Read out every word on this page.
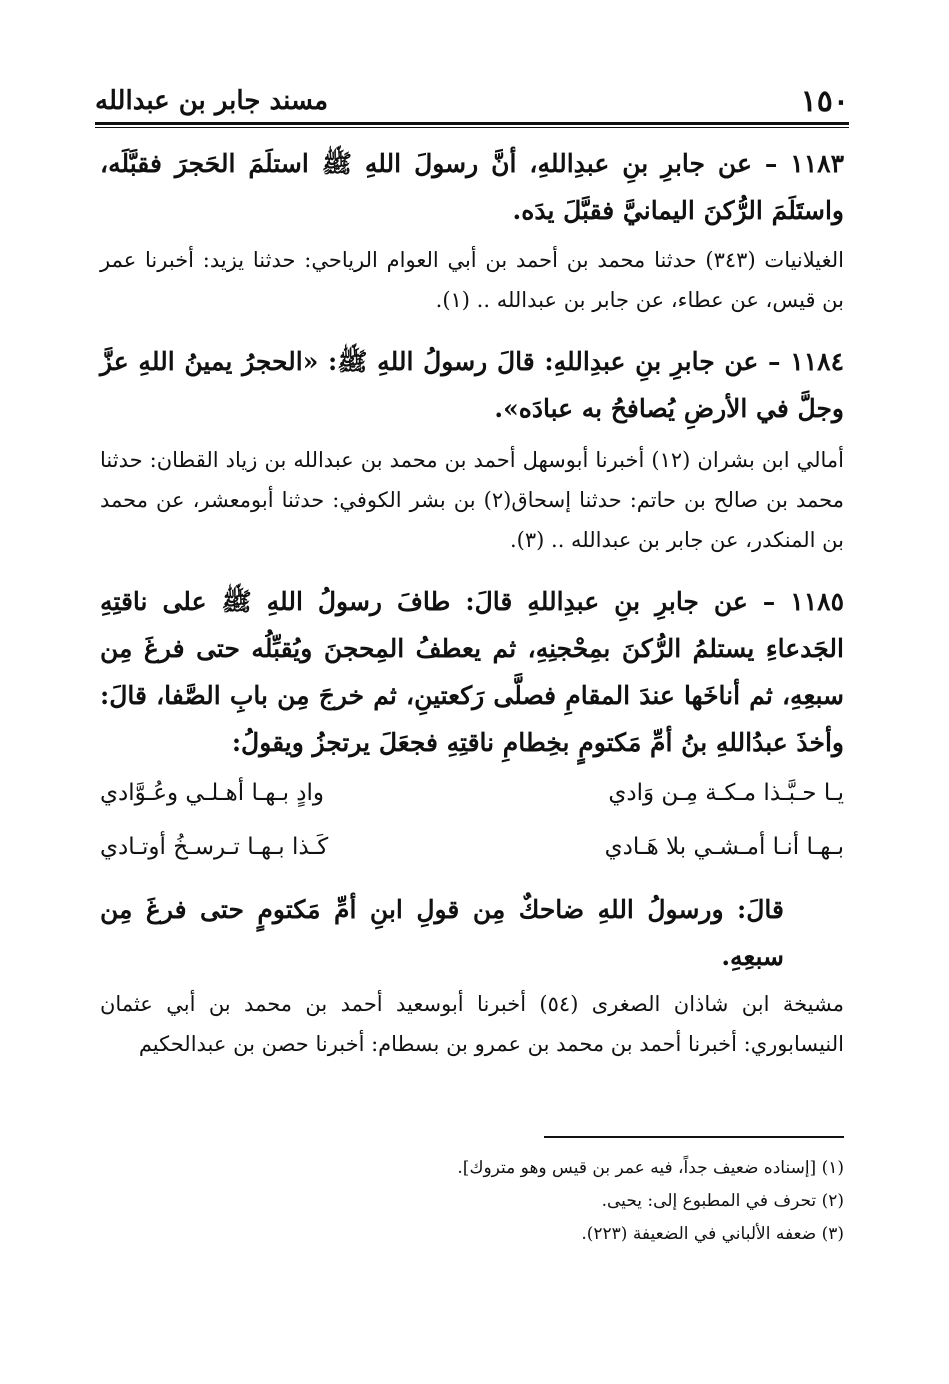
١٥٠
مسند جابر بن عبدالله

١١٨٣ – عن جابرِ بنِ عبدِاللهِ، أنَّ رسولَ اللهِ ﷺ استلَمَ الحَجرَ فقبَّلَه، واستَلَمَ الرُّكنَ اليمانيَّ فقبَّلَ يدَه.

الغيلانيات (٣٤٣) حدثنا محمد بن أحمد بن أبي العوام الرياحي: حدثنا يزيد: أخبرنا عمر بن قيس، عن عطاء، عن جابر بن عبدالله .. (١).

١١٨٤ – عن جابرِ بنِ عبدِاللهِ: قالَ رسولُ اللهِ ﷺ: «الحجرُ يمينُ اللهِ عزَّ وجلَّ في الأرضِ يُصافحُ به عبادَه».

أمالي ابن بشران (١٢) أخبرنا أبوسهل أحمد بن محمد بن عبدالله بن زياد القطان: حدثنا محمد بن صالح بن حاتم: حدثنا إسحاق(٢) بن بشر الكوفي: حدثنا أبومعشر، عن محمد بن المنكدر، عن جابر بن عبدالله .. (٣).

١١٨٥ – عن جابرِ بنِ عبدِاللهِ قالَ: طافَ رسولُ اللهِ ﷺ على ناقتِهِ الجَدعاءِ يستلمُ الرُّكنَ بمِحْجنِهِ، ثم يعطفُ المِحجنَ ويُقبِّلُه حتى فرغَ مِن سبعِهِ، ثم أناخَها عندَ المقامِ فصلَّى رَكعتينِ، ثم خرجَ مِن بابِ الصَّفا، قالَ: وأخذَ عبدُاللهِ بنُ أمِّ مَكتومٍ بخِطامِ ناقتِهِ فجعَلَ يرتجزُ ويقولُ:

يـا حـبَّـذا مـكـة مِـن وَادي	وادٍ بـهـا أهـلـي وعُـوَّادي
بـهـا أنـا أمـشـي بلا هَـادي	كَـذا بـهـا تـرسـخُ أوتـادي

قالَ: ورسولُ اللهِ ضاحكٌ مِن قولِ ابنِ أمِّ مَكتومٍ حتى فرغَ مِن سبعِهِ.

مشيخة ابن شاذان الصغرى (٥٤) أخبرنا أبوسعيد أحمد بن محمد بن أبي عثمان النيسابوري: أخبرنا أحمد بن محمد بن عمرو بن بسطام: أخبرنا حصن بن عبدالحكيم

(١) [إسناده ضعيف جداً، فيه عمر بن قيس وهو متروك].

(٢) تحرف في المطبوع إلى: يحيى.

(٣) ضعفه الألباني في الضعيفة (٢٢٣).
